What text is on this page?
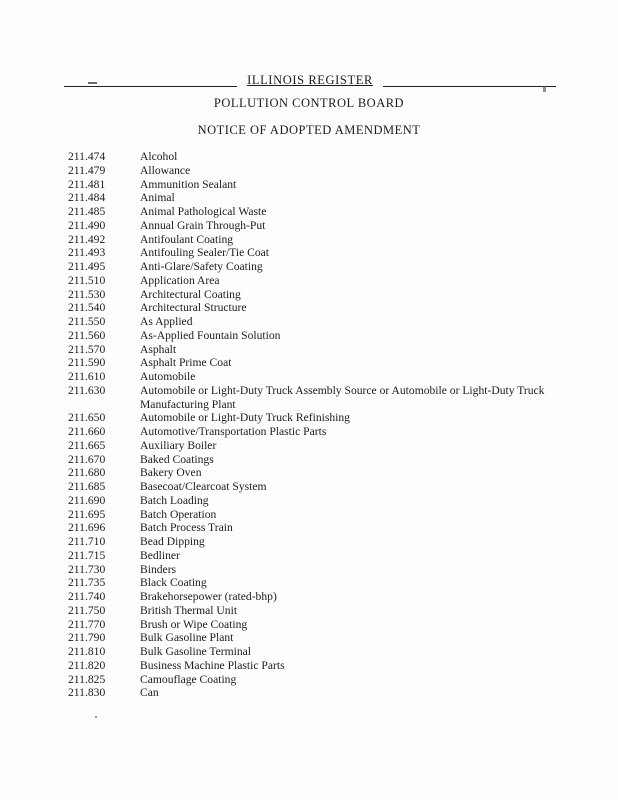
ILLINOIS REGISTER
POLLUTION CONTROL BOARD
NOTICE OF ADOPTED AMENDMENT
211.474	Alcohol
211.479	Allowance
211.481	Ammunition Sealant
211.484	Animal
211.485	Animal Pathological Waste
211.490	Annual Grain Through-Put
211.492	Antifoulant Coating
211.493	Antifouling Sealer/Tie Coat
211.495	Anti-Glare/Safety Coating
211.510	Application Area
211.530	Architectural Coating
211.540	Architectural Structure
211.550	As Applied
211.560	As-Applied Fountain Solution
211.570	Asphalt
211.590	Asphalt Prime Coat
211.610	Automobile
211.630	Automobile or Light-Duty Truck Assembly Source or Automobile or Light-Duty Truck Manufacturing Plant
211.650	Automobile or Light-Duty Truck Refinishing
211.660	Automotive/Transportation Plastic Parts
211.665	Auxiliary Boiler
211.670	Baked Coatings
211.680	Bakery Oven
211.685	Basecoat/Clearcoat System
211.690	Batch Loading
211.695	Batch Operation
211.696	Batch Process Train
211.710	Bead Dipping
211.715	Bedliner
211.730	Binders
211.735	Black Coating
211.740	Brakehorsepower (rated-bhp)
211.750	British Thermal Unit
211.770	Brush or Wipe Coating
211.790	Bulk Gasoline Plant
211.810	Bulk Gasoline Terminal
211.820	Business Machine Plastic Parts
211.825	Camouflage Coating
211.830	Can
